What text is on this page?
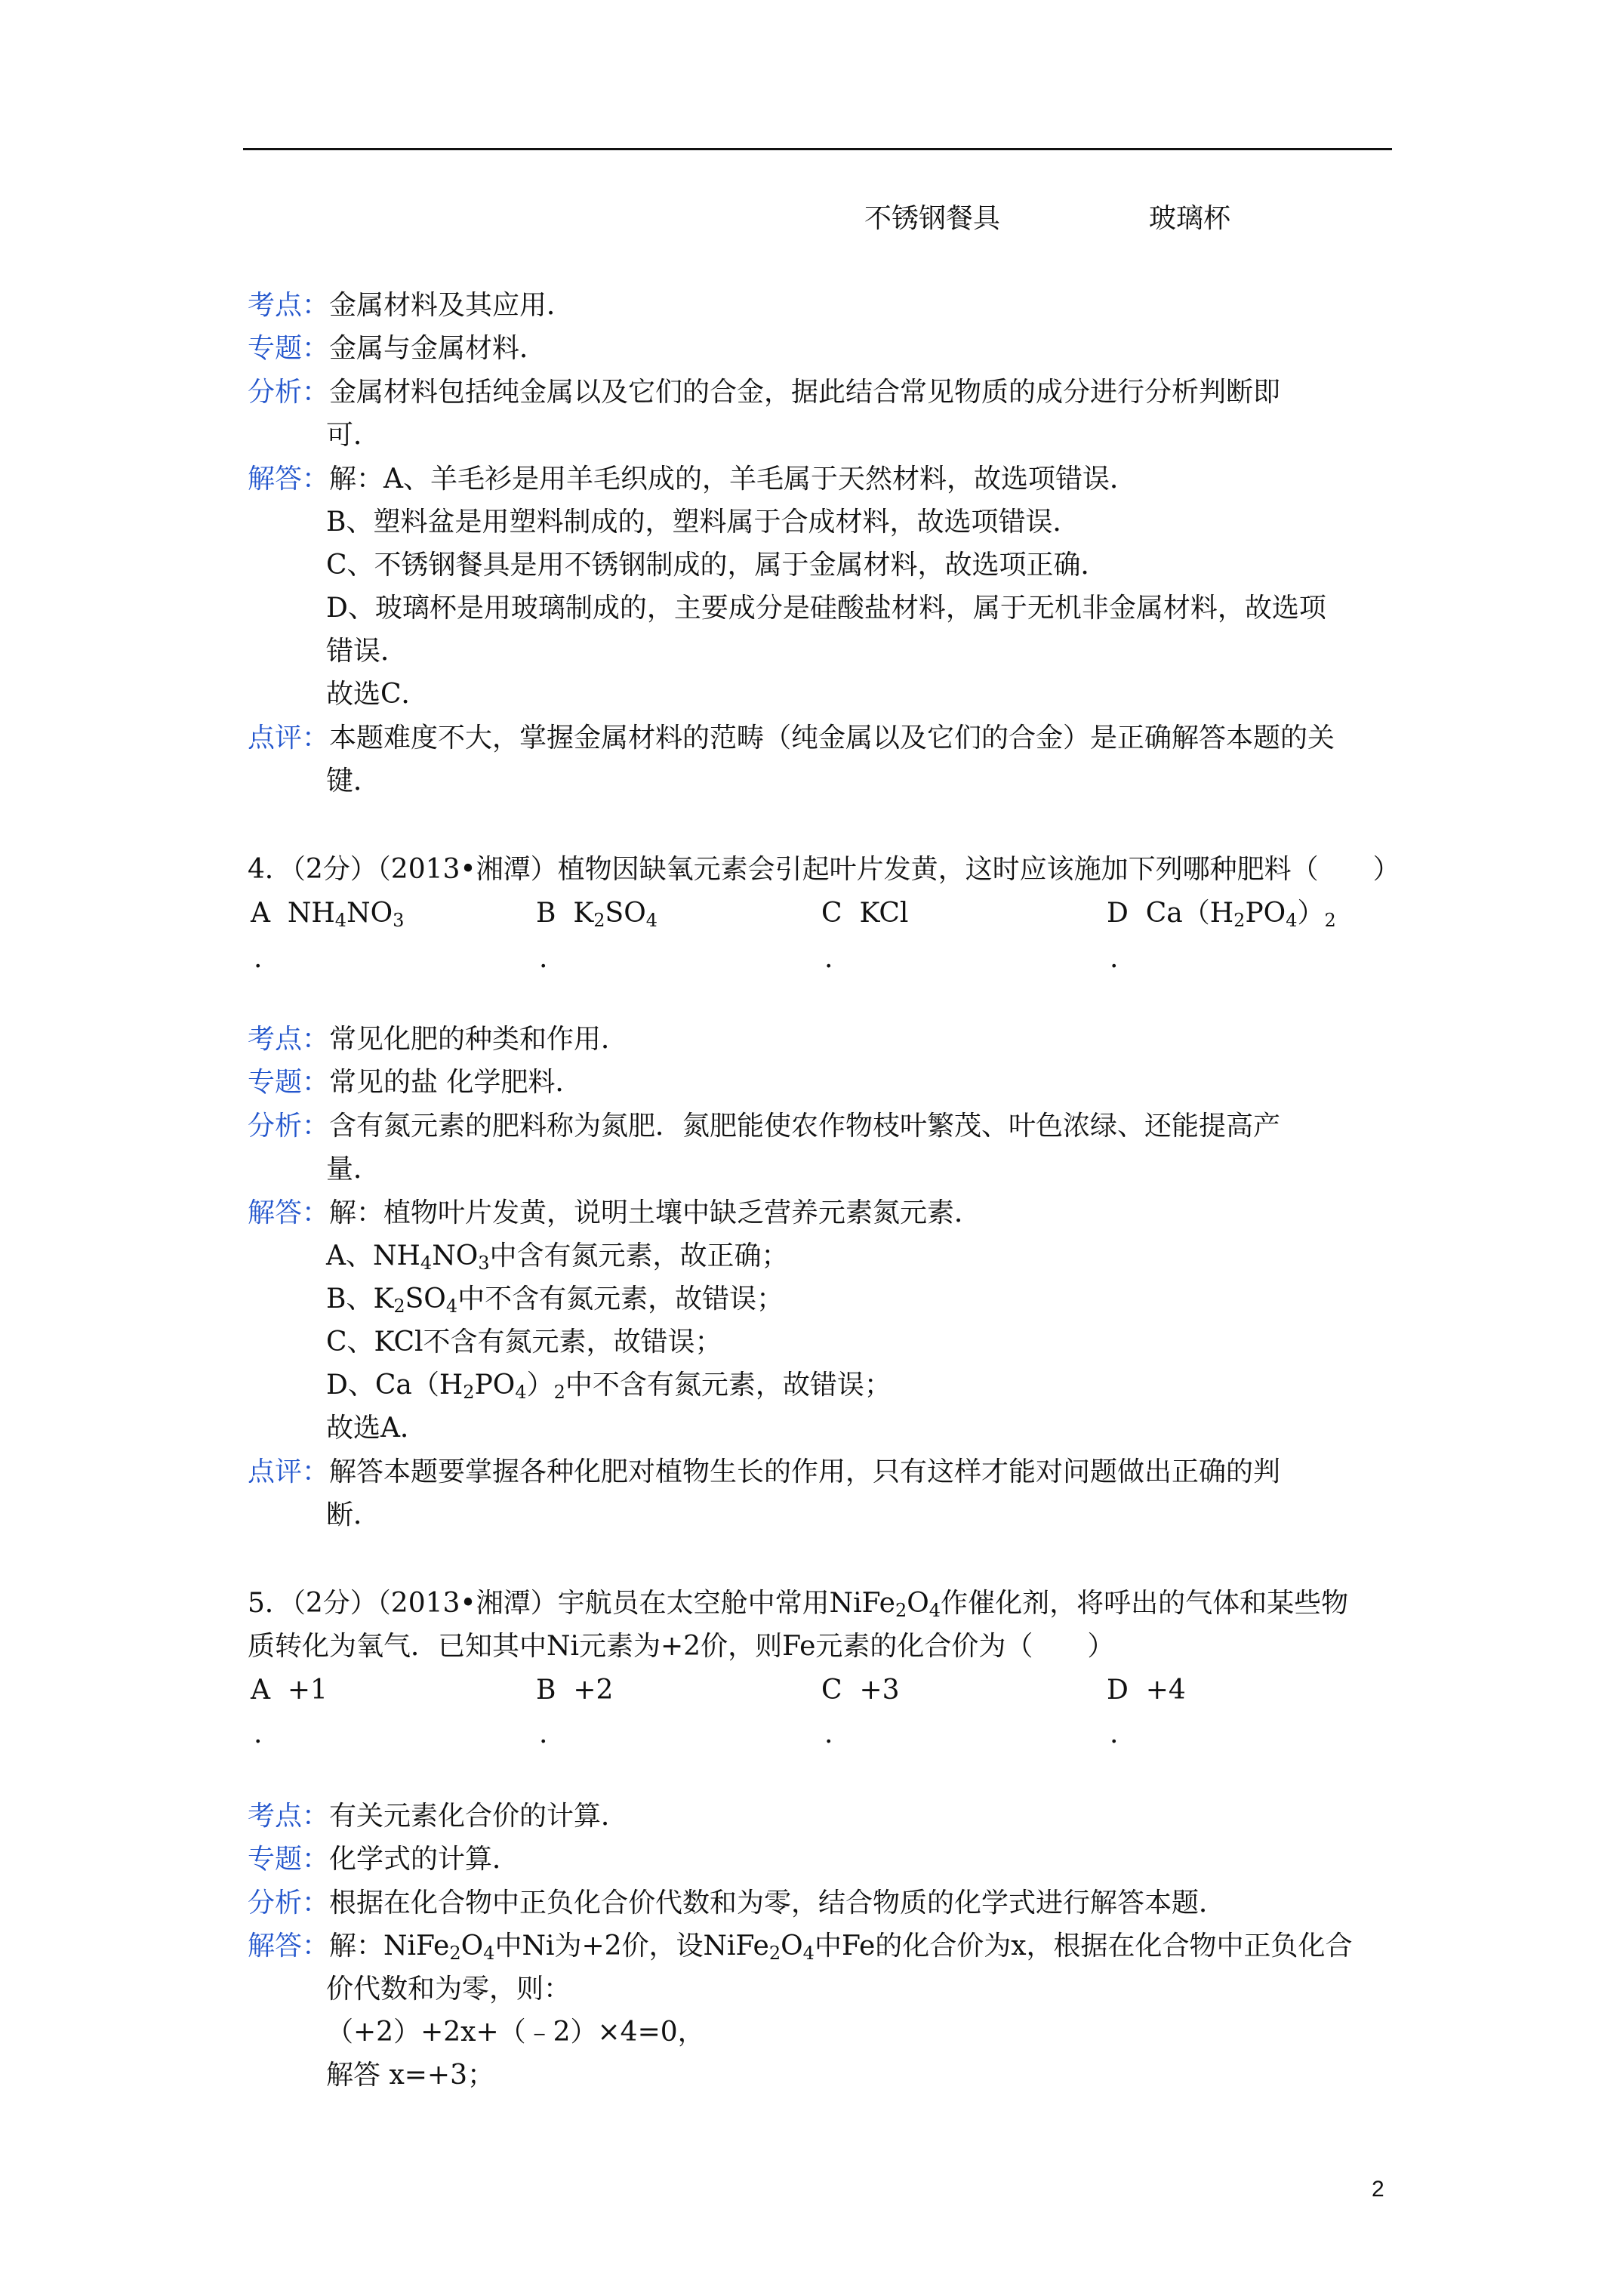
不锈钢餐具	玻璃杯
考点：金属材料及其应用．
专题：金属与金属材料．
分析：金属材料包括纯金属以及它们的合金，据此结合常见物质的成分进行分析判断即
可．
解答：解：A、羊毛衫是用羊毛织成的，羊毛属于天然材料，故选项错误．
B、塑料盆是用塑料制成的，塑料属于合成材料，故选项错误．
C、不锈钢餐具是用不锈钢制成的，属于金属材料，故选项正确．
D、玻璃杯是用玻璃制成的，主要成分是硅酸盐材料，属于无机非金属材料，故选项
错误．
故选C．
点评：本题难度不大，掌握金属材料的范畴（纯金属以及它们的合金）是正确解答本题的关
键．
4．（2分）（2013•湘潭）植物因缺氧元素会引起叶片发黄，这时应该施加下列哪种肥料（　　）
A  $NH_4NO_3$	B  $K_2SO_4$	C KCl	D  $Ca(H_2PO_4)_2$
.	.	.	.
考点：常见化肥的种类和作用．
专题：常见的盐 化学肥料．
分析：含有氮元素的肥料称为氮肥．氮肥能使农作物枝叶繁茂、叶色浓绿、还能提高产
量．
解答：解：植物叶片发黄，说明土壤中缺乏营养元素氮元素．
A、$NH_4NO_3$中含有氮元素，故正确；
B、$K_2SO_4$中不含有氮元素，故错误；
C、KCl不含有氮元素，故错误；
D、$Ca(H_2PO_4)_2$中不含有氮元素，故错误；
故选A．
点评：解答本题要掌握各种化肥对植物生长的作用，只有这样才能对问题做出正确的判
断．
5．（2分）（2013•湘潭）宇航员在太空舱中常用$NiFe_2O_4$作催化剂，将呼出的气体和某些物
质转化为氧气．已知其中Ni元素为+2价，则Fe元素的化合价为（　　）
A +1	B +2	C +3	D +4
.	.	.	.
考点：有关元素化合价的计算．
专题：化学式的计算．
分析：根据在化合物中正负化合价代数和为零，结合物质的化学式进行解答本题．
解答：解：$NiFe_2O_4$中Ni为+2价，设$NiFe_2O_4$中Fe的化合价为x，根据在化合物中正负化合
价代数和为零，则：
（+2）+2x+（﹣2）×4=0，
解答 x=+3；
2
